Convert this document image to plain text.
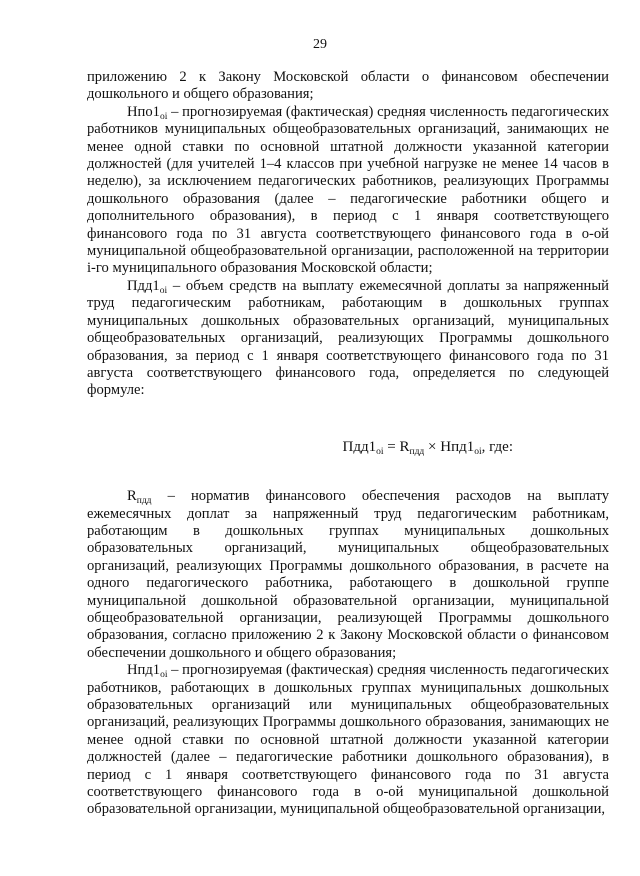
29

приложению 2 к Закону Московской области о финансовом обеспечении дошкольного и общего образования;

$Нпо1_{oi}$ – прогнозируемая (фактическая) средняя численность педагогических работников муниципальных общеобразовательных организаций, занимающих не менее одной ставки по основной штатной должности указанной категории должностей (для учителей 1–4 классов при учебной нагрузке не менее 14 часов в неделю), за исключением педагогических работников, реализующих Программы дошкольного образования (далее – педагогические работники общего и дополнительного образования), в период с 1 января соответствующего финансового года по 31 августа соответствующего финансового года в о-ой муниципальной общеобразовательной организации, расположенной на территории i-го муниципального образования Московской области;

$Пдд1_{oi}$ – объем средств на выплату ежемесячной доплаты за напряженный труд педагогическим работникам, работающим в дошкольных группах муниципальных дошкольных образовательных организаций, муниципальных общеобразовательных организаций, реализующих Программы дошкольного образования, за период с 1 января соответствующего финансового года по 31 августа соответствующего финансового года, определяется по следующей формуле:

$Пдд1_{oi} = R_{пдд} \times Нпд1_{oi}$, где:

$R_{пдд}$ – норматив финансового обеспечения расходов на выплату ежемесячных доплат за напряженный труд педагогическим работникам, работающим в дошкольных группах муниципальных дошкольных образовательных организаций, муниципальных общеобразовательных организаций, реализующих Программы дошкольного образования, в расчете на одного педагогического работника, работающего в дошкольной группе муниципальной дошкольной образовательной организации, муниципальной общеобразовательной организации, реализующей Программы дошкольного образования, согласно приложению 2 к Закону Московской области о финансовом обеспечении дошкольного и общего образования;

$Нпд1_{oi}$ – прогнозируемая (фактическая) средняя численность педагогических работников, работающих в дошкольных группах муниципальных дошкольных образовательных организаций или муниципальных общеобразовательных организаций, реализующих Программы дошкольного образования, занимающих не менее одной ставки по основной штатной должности указанной категории должностей (далее – педагогические работники дошкольного образования), в период с 1 января соответствующего финансового года по 31 августа соответствующего финансового года в о-ой муниципальной дошкольной образовательной организации, муниципальной общеобразовательной организации,
